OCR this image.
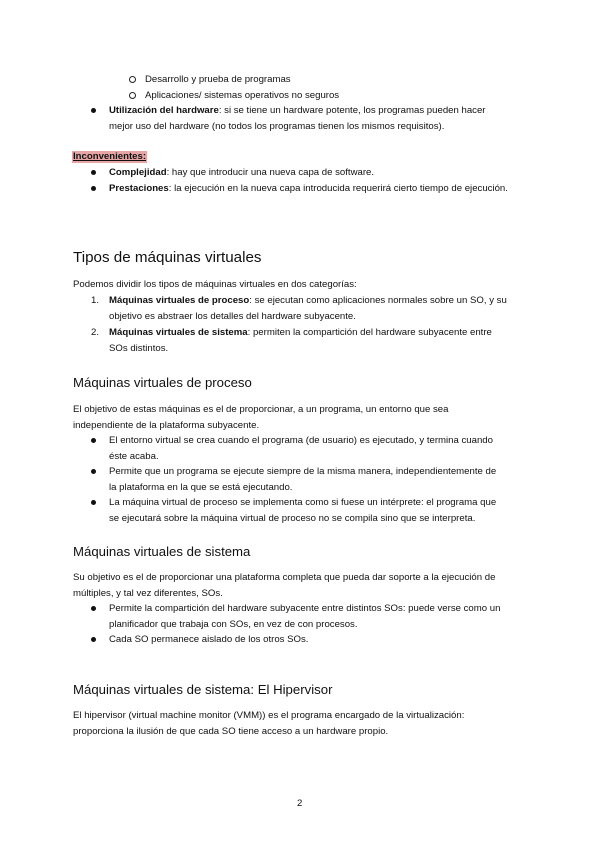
Desarrollo y prueba de programas
Aplicaciones/ sistemas operativos no seguros
Utilización del hardware: si se tiene un hardware potente, los programas pueden hacer
mejor uso del hardware (no todos los programas tienen los mismos requisitos).
Inconvenientes:
Complejidad: hay que introducir una nueva capa de software.
Prestaciones: la ejecución en la nueva capa introducida requerirá cierto tiempo de ejecución.
Tipos de máquinas virtuales
Podemos dividir los tipos de máquinas virtuales en dos categorías:
1. Máquinas virtuales de proceso: se ejecutan como aplicaciones normales sobre un SO, y su
objetivo es abstraer los detalles del hardware subyacente.
2. Máquinas virtuales de sistema: permiten la compartición del hardware subyacente entre
SOs distintos.
Máquinas virtuales de proceso
El objetivo de estas máquinas es el de proporcionar, a un programa, un entorno que sea
independiente de la plataforma subyacente.
El entorno virtual se crea cuando el programa (de usuario) es ejecutado, y termina cuando
éste acaba.
Permite que un programa se ejecute siempre de la misma manera, independientemente de
la plataforma en la que se está ejecutando.
La máquina virtual de proceso se implementa como si fuese un intérprete: el programa que
se ejecutará sobre la máquina virtual de proceso no se compila sino que se interpreta.
Máquinas virtuales de sistema
Su objetivo es el de proporcionar una plataforma completa que pueda dar soporte a la ejecución de
múltiples, y tal vez diferentes, SOs.
Permite la compartición del hardware subyacente entre distintos SOs: puede verse como un
planificador que trabaja con SOs, en vez de con procesos.
Cada SO permanece aislado de los otros SOs.
Máquinas virtuales de sistema: El Hipervisor
El hipervisor (virtual machine monitor (VMM)) es el programa encargado de la virtualización:
proporciona la ilusión de que cada SO tiene acceso a un hardware propio.
2
